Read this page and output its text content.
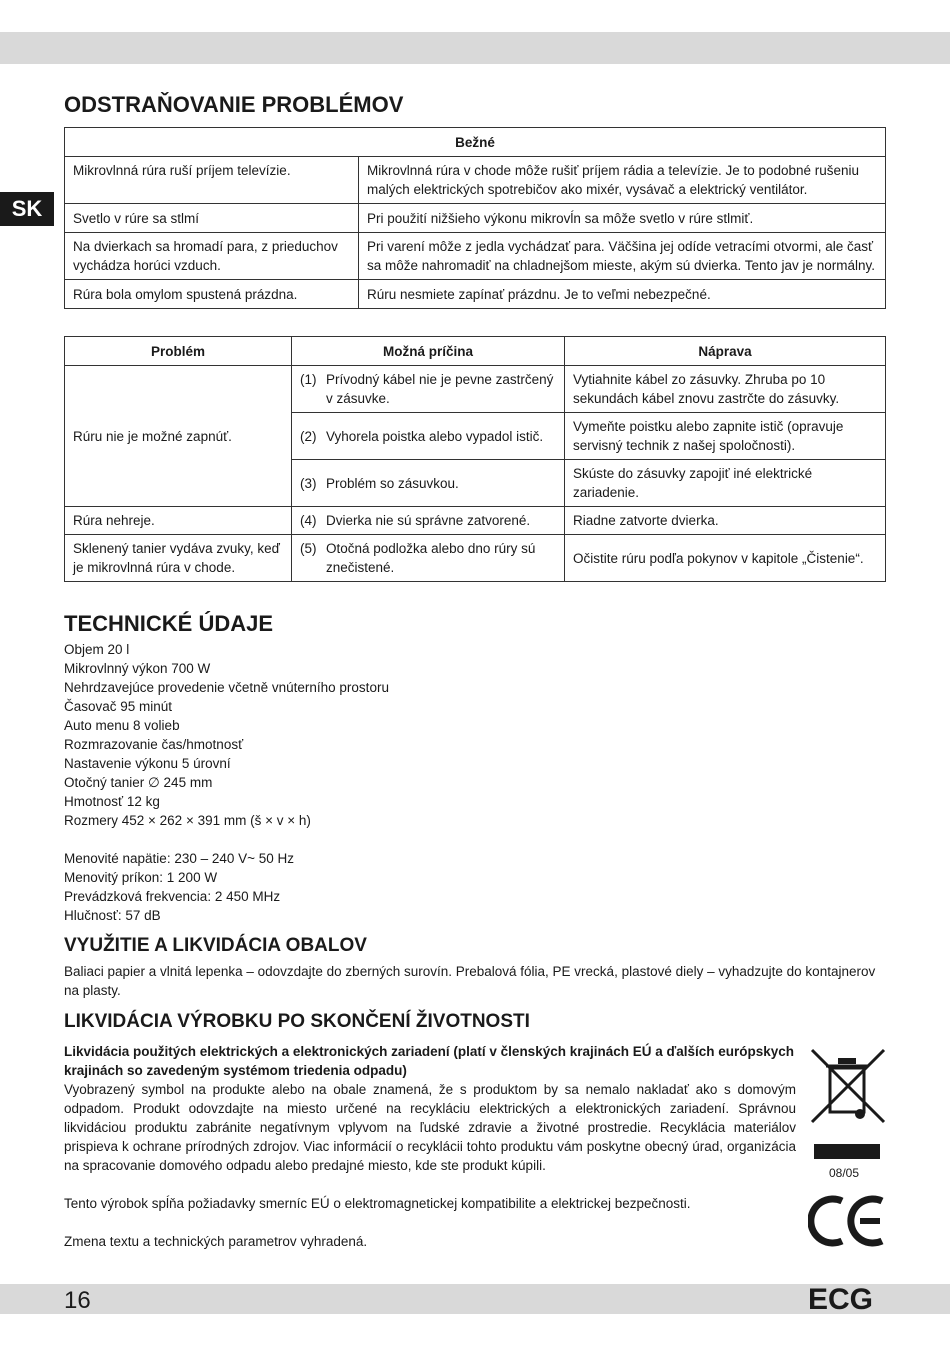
SK
ODSTRAŇOVANIE PROBLÉMOV
Bežné	
Mikrovlnná rúra ruší príjem televízie.	Mikrovlnná rúra v chode môže rušiť príjem rádia a televízie. Je to podobné rušeniu malých elektrických spotrebičov ako mixér, vysávač a elektrický ventilátor.
Svetlo v rúre sa stlmí	Pri použití nižšieho výkonu mikrovĺn sa môže svetlo v rúre stlmiť.
Na dvierkach sa hromadí para, z prieduchov vychádza horúci vzduch.	Pri varení môže z jedla vychádzať para. Väčšina jej odíde vetracími otvormi, ale časť sa môže nahromadiť na chladnejšom mieste, akým sú dvierka. Tento jav je normálny.
Rúra bola omylom spustená prázdna.	Rúru nesmiete zapínať prázdnu. Je to veľmi nebezpečné.
Problém	Možná príčina	Náprava
Rúru nie je možné zapnúť.	(1) Prívodný kábel nie je pevne zastrčený v zásuvke.	Vytiahnite kábel zo zásuvky. Zhruba po 10 sekundách kábel znovu zastrčte do zásuvky.

	(2) Vyhorela poistka alebo vypadol istič.	Vymeňte poistku alebo zapnite istič (opravuje servisný technik z našej spoločnosti).

	(3) Problém so zásuvkou.	Skúste do zásuvky zapojiť iné elektrické zariadenie.
Rúra nehreje.	(4) Dvierka nie sú správne zatvorené.	Riadne zatvorte dvierka.
Sklenený tanier vydáva zvuky, keď je mikrovlnná rúra v chode.	(5) Otočná podložka alebo dno rúry sú znečistené.	Očistite rúru podľa pokynov v kapitole „Čistenie“.
TECHNICKÉ ÚDAJE
Objem 20 l
Mikrovlnný výkon 700 W
Nehrdzavejúce provedenie včetně vnúterního prostoru
Časovač 95 minút
Auto menu 8 volieb
Rozmrazovanie čas/hmotnosť
Nastavenie výkonu 5 úrovní
Otočný tanier ∅ 245 mm
Hmotnosť 12 kg
Rozmery 452 × 262 × 391 mm (š × v × h)
Menovité napätie: 230 – 240 V~ 50 Hz
Menovitý príkon: 1 200 W
Prevádzková frekvencia: 2 450 MHz
Hlučnosť: 57 dB
VYUŽITIE A LIKVIDÁCIA OBALOV
Baliaci papier a vlnitá lepenka – odovzdajte do zberných surovín. Prebalová fólia, PE vrecká, plastové diely – vyhadzujte do kontajnerov na plasty.
LIKVIDÁCIA VÝROBKU PO SKONČENÍ ŽIVOTNOSTI
Likvidácia použitých elektrických a elektronických zariadení (platí v členských krajinách EÚ a ďalších európskych krajinách so zavedeným systémom triedenia odpadu)
Vyobrazený symbol na produkte alebo na obale znamená, že s produktom by sa nemalo nakladať ako s domovým odpadom. Produkt odovzdajte na miesto určené na recykláciu elektrických a elektronických zariadení. Správnou likvidáciou produktu zabránite negatívnym vplyvom na ľudské zdravie a životné prostredie. Recyklácia materiálov prispieva k ochrane prírodných zdrojov. Viac informácií o recyklácii tohto produktu vám poskytne obecný úrad, organizácia na spracovanie domového odpadu alebo predajné miesto, kde ste produkt kúpili.
Tento výrobok spĺňa požiadavky smerníc EÚ o elektromagnetickej kompatibilite a elektrickej bezpečnosti.
Zmena textu a technických parametrov vyhradená.
08/05
16	ECG
